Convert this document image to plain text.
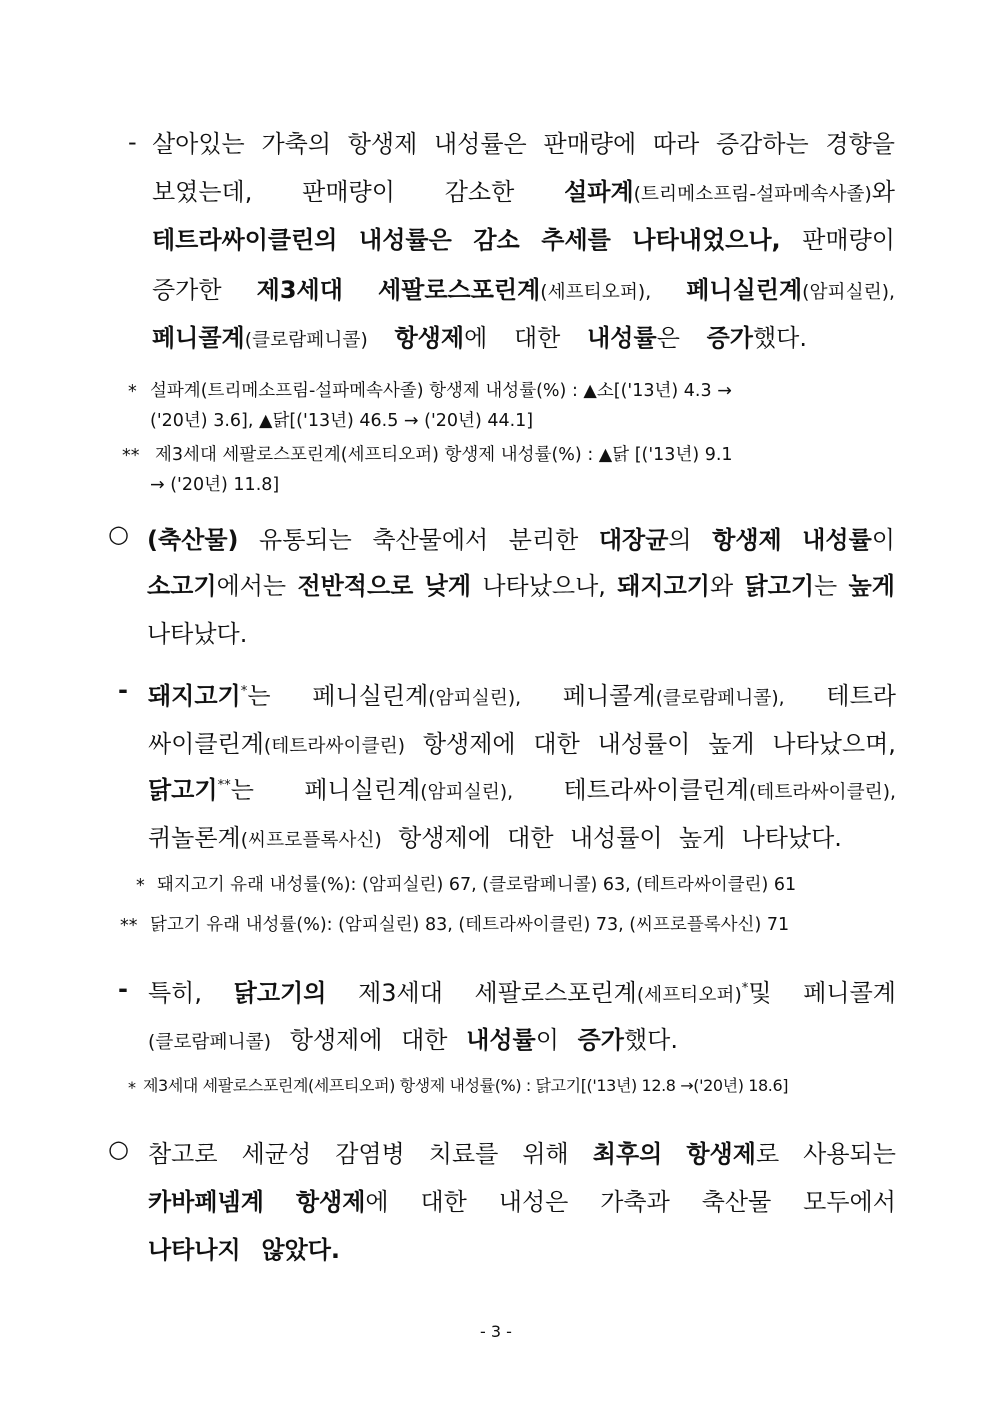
- 살아있는 가축의 항생제 내성률은 판매량에 따라 증감하는 경향을
보였는데, 판매량이 감소한 설파계(트리메소프림-설파메속사졸)와
테트라싸이클린의 내성률은 감소 추세를 나타내었으나, 판매량이
증가한 제3세대 세팔로스포린계(세프티오퍼), 페니실린계(암피실린),
페니콜계(클로람페니콜) 항생제에 대한 내성률은 증가했다.
* 설파계(트리메소프림-설파메속사졸) 항생제 내성률(%) : ▲소[('13년) 4.3 →
('20년) 3.6], ▲닭[('13년) 46.5 → ('20년) 44.1]
** 제3세대 세팔로스포린계(세프티오퍼) 항생제 내성률(%) : ▲닭 [('13년) 9.1
→ ('20년) 11.8]
○ (축산물) 유통되는 축산물에서 분리한 대장균의 항생제 내성률이
소고기에서는 전반적으로 낮게 나타났으나, 돼지고기와 닭고기는 높게
나타났다.
- 돼지고기*는 페니실린계(암피실린), 페니콜계(클로람페니콜), 테트라
싸이클린계(테트라싸이클린) 항생제에 대한 내성률이 높게 나타났으며,
닭고기**는 페니실린계(암피실린), 테트라싸이클린계(테트라싸이클린),
퀴놀론계(씨프로플록사신) 항생제에 대한 내성률이 높게 나타났다.
* 돼지고기 유래 내성률(%): (암피실린) 67, (클로람페니콜) 63, (테트라싸이클린) 61
** 닭고기 유래 내성률(%): (암피실린) 83, (테트라싸이클린) 73, (씨프로플록사신) 71
- 특히, 닭고기의 제3세대 세팔로스포린계(세프티오퍼)*및 페니콜계
(클로람페니콜) 항생제에 대한 내성률이 증가했다.
* 제3세대 세팔로스포린계(세프티오퍼) 항생제 내성률(%) : 닭고기[('13년) 12.8 →('20년) 18.6]
○ 참고로 세균성 감염병 치료를 위해 최후의 항생제로 사용되는
카바페넴계 항생제에 대한 내성은 가축과 축산물 모두에서
나타나지 않았다.
- 3 -
